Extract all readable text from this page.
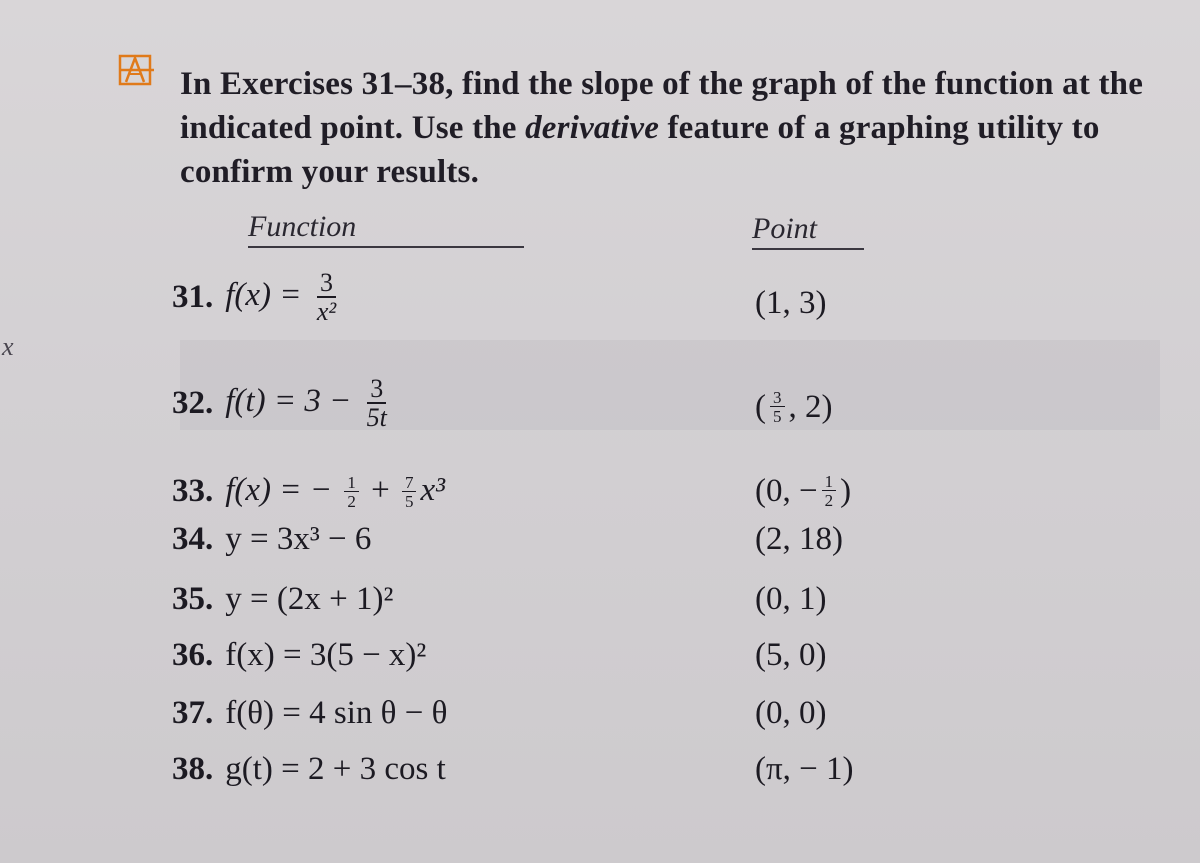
In Exercises 31–38, find the slope of the graph of the function at the indicated point. Use the derivative feature of a graphing utility to confirm your results.
Function	Point
x
31. $f(x) = \frac{3}{\text{x²}}$	(1, 3)
32. $f(t) = 3 - \frac{3}{5t}$	( $\frac{3}{5}$ , 2)
33. f(x) = − $\frac{1}{2} + \frac{7}{5} x^3$	(0, − $\frac{1}{2}$ )
34. y = 3x³ − 6	(2, 18)
35. y = (2x + 1)²	(0, 1)
36. f(x) = 3(5 − x)²	(5, 0)
37. f(θ) = 4 sin θ − θ	(0, 0)
38. g(t) = 2 + 3 cos t	(π, − 1)
